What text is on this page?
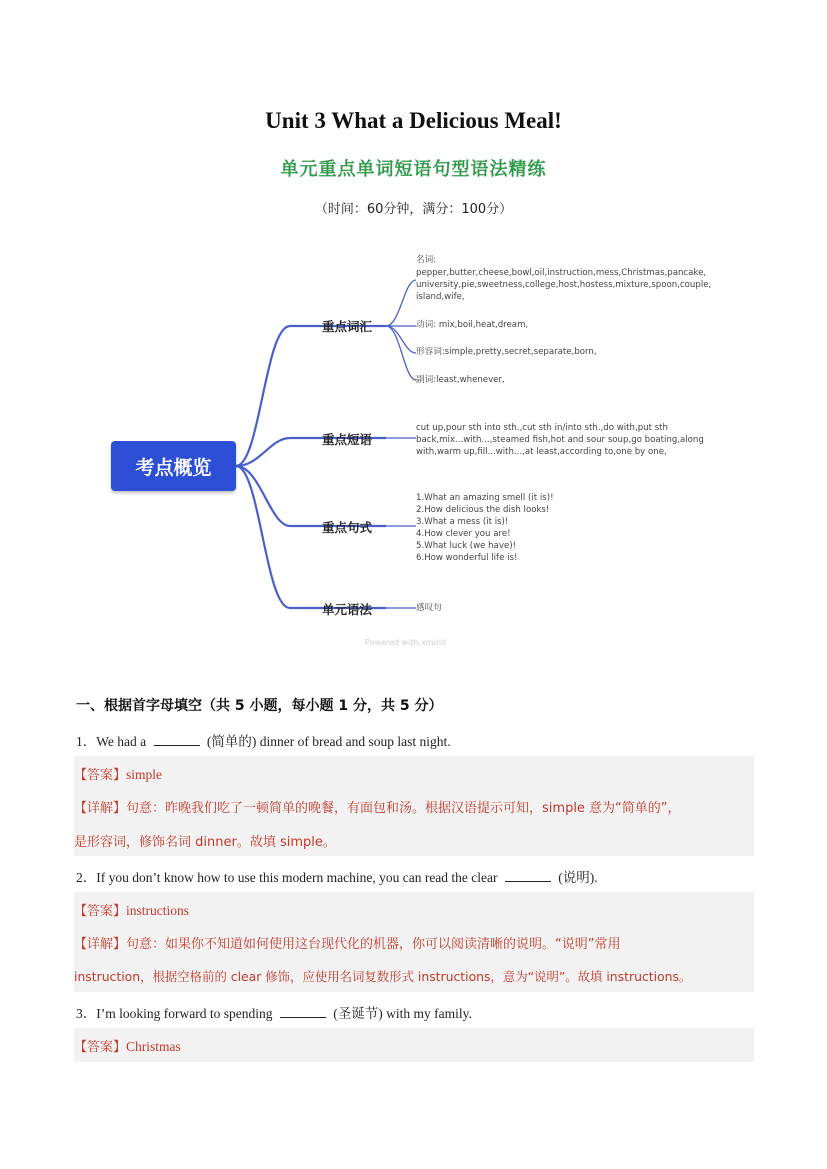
Unit 3 What a Delicious Meal!
单元重点单词短语句型语法精练
（时间：60分钟，满分：100分）
考点概览
重点词汇
重点短语
重点句式
单元语法
名词:
pepper,butter,cheese,bowl,oil,instruction,mess,Christmas,pancake,
university,pie,sweetness,college,host,hostess,mixture,spoon,couple,
island,wife,
动词: mix,boil,heat,dream,
形容词:simple,pretty,secret,separate,born,
副词:least,whenever,
cut up,pour sth into sth.,cut sth in/into sth.,do with,put sth
back,mix...with...,steamed fish,hot and sour soup,go boating,along
with,warm up,fill...with...,at least,according to,one by one,
1.What an amazing smell (it is)!
2.How delicious the dish looks!
3.What a mess (it is)!
4.How clever you are!
5.What luck (we have)!
6.How wonderful life is!
感叹句
Powered with xmind
一、根据首字母填空（共 5 小题，每小题 1 分，共 5 分）
1．We had a	(简单的) dinner of bread and soup last night.
【答案】simple
【详解】句意：昨晚我们吃了一顿简单的晚餐，有面包和汤。根据汉语提示可知，simple 意为“简单的”，
是形容词，修饰名词 dinner。故填 simple。
2．If you don’t know how to use this modern machine, you can read the clear	(说明).
【答案】instructions
【详解】句意：如果你不知道如何使用这台现代化的机器，你可以阅读清晰的说明。“说明”常用
instruction，根据空格前的 clear 修饰，应使用名词复数形式 instructions，意为“说明”。故填 instructions。
3．I’m looking forward to spending	(圣诞节) with my family.
【答案】Christmas
